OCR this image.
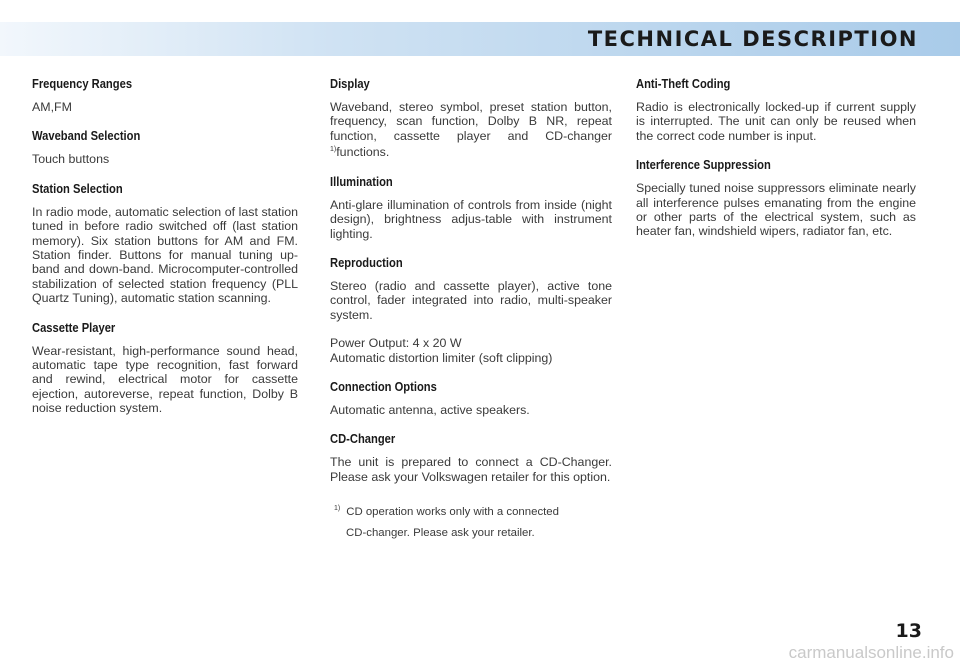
TECHNICAL DESCRIPTION
Frequency Ranges

AM,FM

Waveband Selection

Touch buttons

Station Selection

In radio mode, automatic selection of last station tuned in before radio switched off (last station memory). Six station buttons for AM and FM. Station finder. Buttons for manual tuning up-band and down-band. Microcomputer-controlled stabilization of selected station frequency (PLL Quartz Tuning), automatic station scanning.

Cassette Player

Wear-resistant, high-performance sound head, automatic tape type recognition, fast forward and rewind, electrical motor for cassette ejection, autoreverse, repeat function, Dolby B noise reduction system.

Display

Waveband, stereo symbol, preset station button, frequency, scan function, Dolby B NR, repeat function, cassette player and CD-changer $^{1)}$functions.

Illumination

Anti-glare illumination of controls from inside (night design), brightness adjus-table with instrument lighting.

Reproduction

Stereo (radio and cassette player), active tone control, fader integrated into radio, multi-speaker system.

Power Output: 4 x 20 W
Automatic distortion limiter (soft clipping)

Connection Options

Automatic antenna, active speakers.

CD-Changer

The unit is prepared to connect a CD-Changer. Please ask your Volkswagen retailer for this option.

$^{1)}$ CD operation works only with a connected
CD-changer. Please ask your retailer.
Anti-Theft Coding

Radio is electronically locked-up if current supply is interrupted. The unit can only be reused when the correct code number is input.

Interference Suppression

Specially tuned noise suppressors eliminate nearly all interference pulses emanating from the engine or other parts of the electrical system, such as heater fan, windshield wipers, radiator fan, etc.

13
carmanualsonline.info
